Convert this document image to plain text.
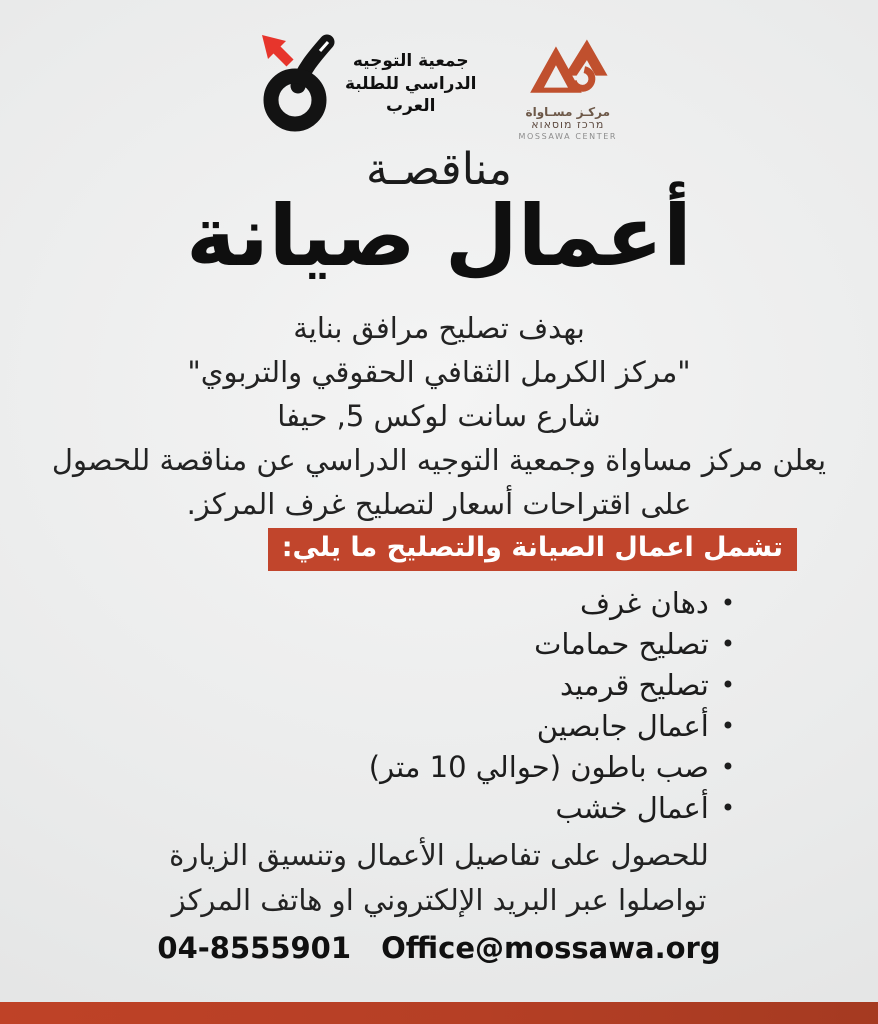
جمعية التوجيه
الدراسي للطلبة
العرب	مركـز مسـاواة
מרכז מוסאוא
MOSSAWA CENTER
مناقصـة
أعمال صيانة
بهدف تصليح مرافق بناية
"مركز الكرمل الثقافي الحقوقي والتربوي"
شارع سانت لوكس 5, حيفا
يعلن مركز مساواة وجمعية التوجيه الدراسي عن مناقصة للحصول
على اقتراحات أسعار لتصليح غرف المركز.
تشمل اعمال الصيانة والتصليح ما يلي:
•
دهان غرف
•
تصليح حمامات
•
تصليح قرميد
•
أعمال جابصين
•
صب باطون (حوالي 10 متر)
•
أعمال خشب
للحصول على تفاصيل الأعمال وتنسيق الزيارة
تواصلوا عبر البريد الإلكتروني او هاتف المركز
04-8555901 Office@mossawa.org
